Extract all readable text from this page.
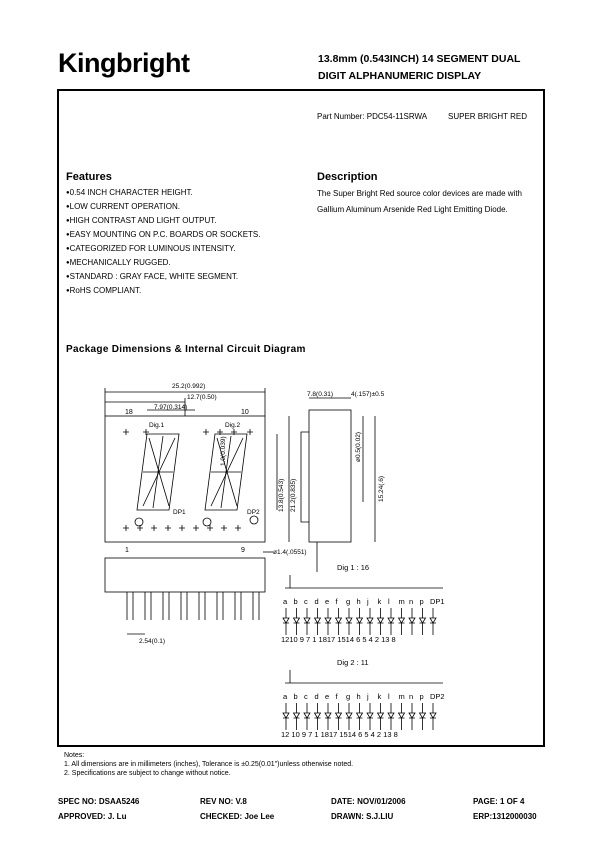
Kingbright	13.8mm (0.543INCH) 14 SEGMENT DUAL
DIGIT ALPHANUMERIC DISPLAY
Part Number: PDC54-11SRWA	SUPER BRIGHT RED
Features
● 0.54 INCH CHARACTER HEIGHT.
● LOW CURRENT OPERATION.
● HIGH CONTRAST AND LIGHT OUTPUT.
● EASY MOUNTING ON P.C. BOARDS OR SOCKETS.
● CATEGORIZED FOR LUMINOUS INTENSITY.
● MECHANICALLY RUGGED.
● STANDARD : GRAY FACE, WHITE SEGMENT.
● RoHS COMPLIANT.
Description
The Super Bright Red source color devices are made with Gallium Aluminum Arsenide Red Light Emitting Diode.
Package Dimensions & Internal Circuit Diagram
25.2(0.992)
12.7(0.50)
7.97(0.314)
18	10
1	9
Dig.1	Dig.2
DP1	DP2
13.8(0.543) 21.2(0.835)
1.0(0.039)
ø1.4(.0551)
2.54(0.1)
7.8(0.31)	4(.157)±0.5
ø0.5(0.02)
15.24(.6)
Dig 1 : 16
a b c d e f g h j k l m n p DP1
1210 9 7 1 1817 1514 6 5 4 2 13 8
Dig 2 : 11
a b c d e f g h j k l m n p DP2
12 10 9 7 1 1817 1514 6 5 4 2 13 8
Notes:
1. All dimensions are in millimeters (inches), Tolerance is ±0.25(0.01")unless otherwise noted.
2. Specifications are subject to change without notice.
SPEC NO: DSAA5246	REV NO: V.8	DATE: NOV/01/2006	PAGE: 1 OF 4
APPROVED: J. Lu	CHECKED: Joe Lee	DRAWN: S.J.LIU	ERP:1312000030
